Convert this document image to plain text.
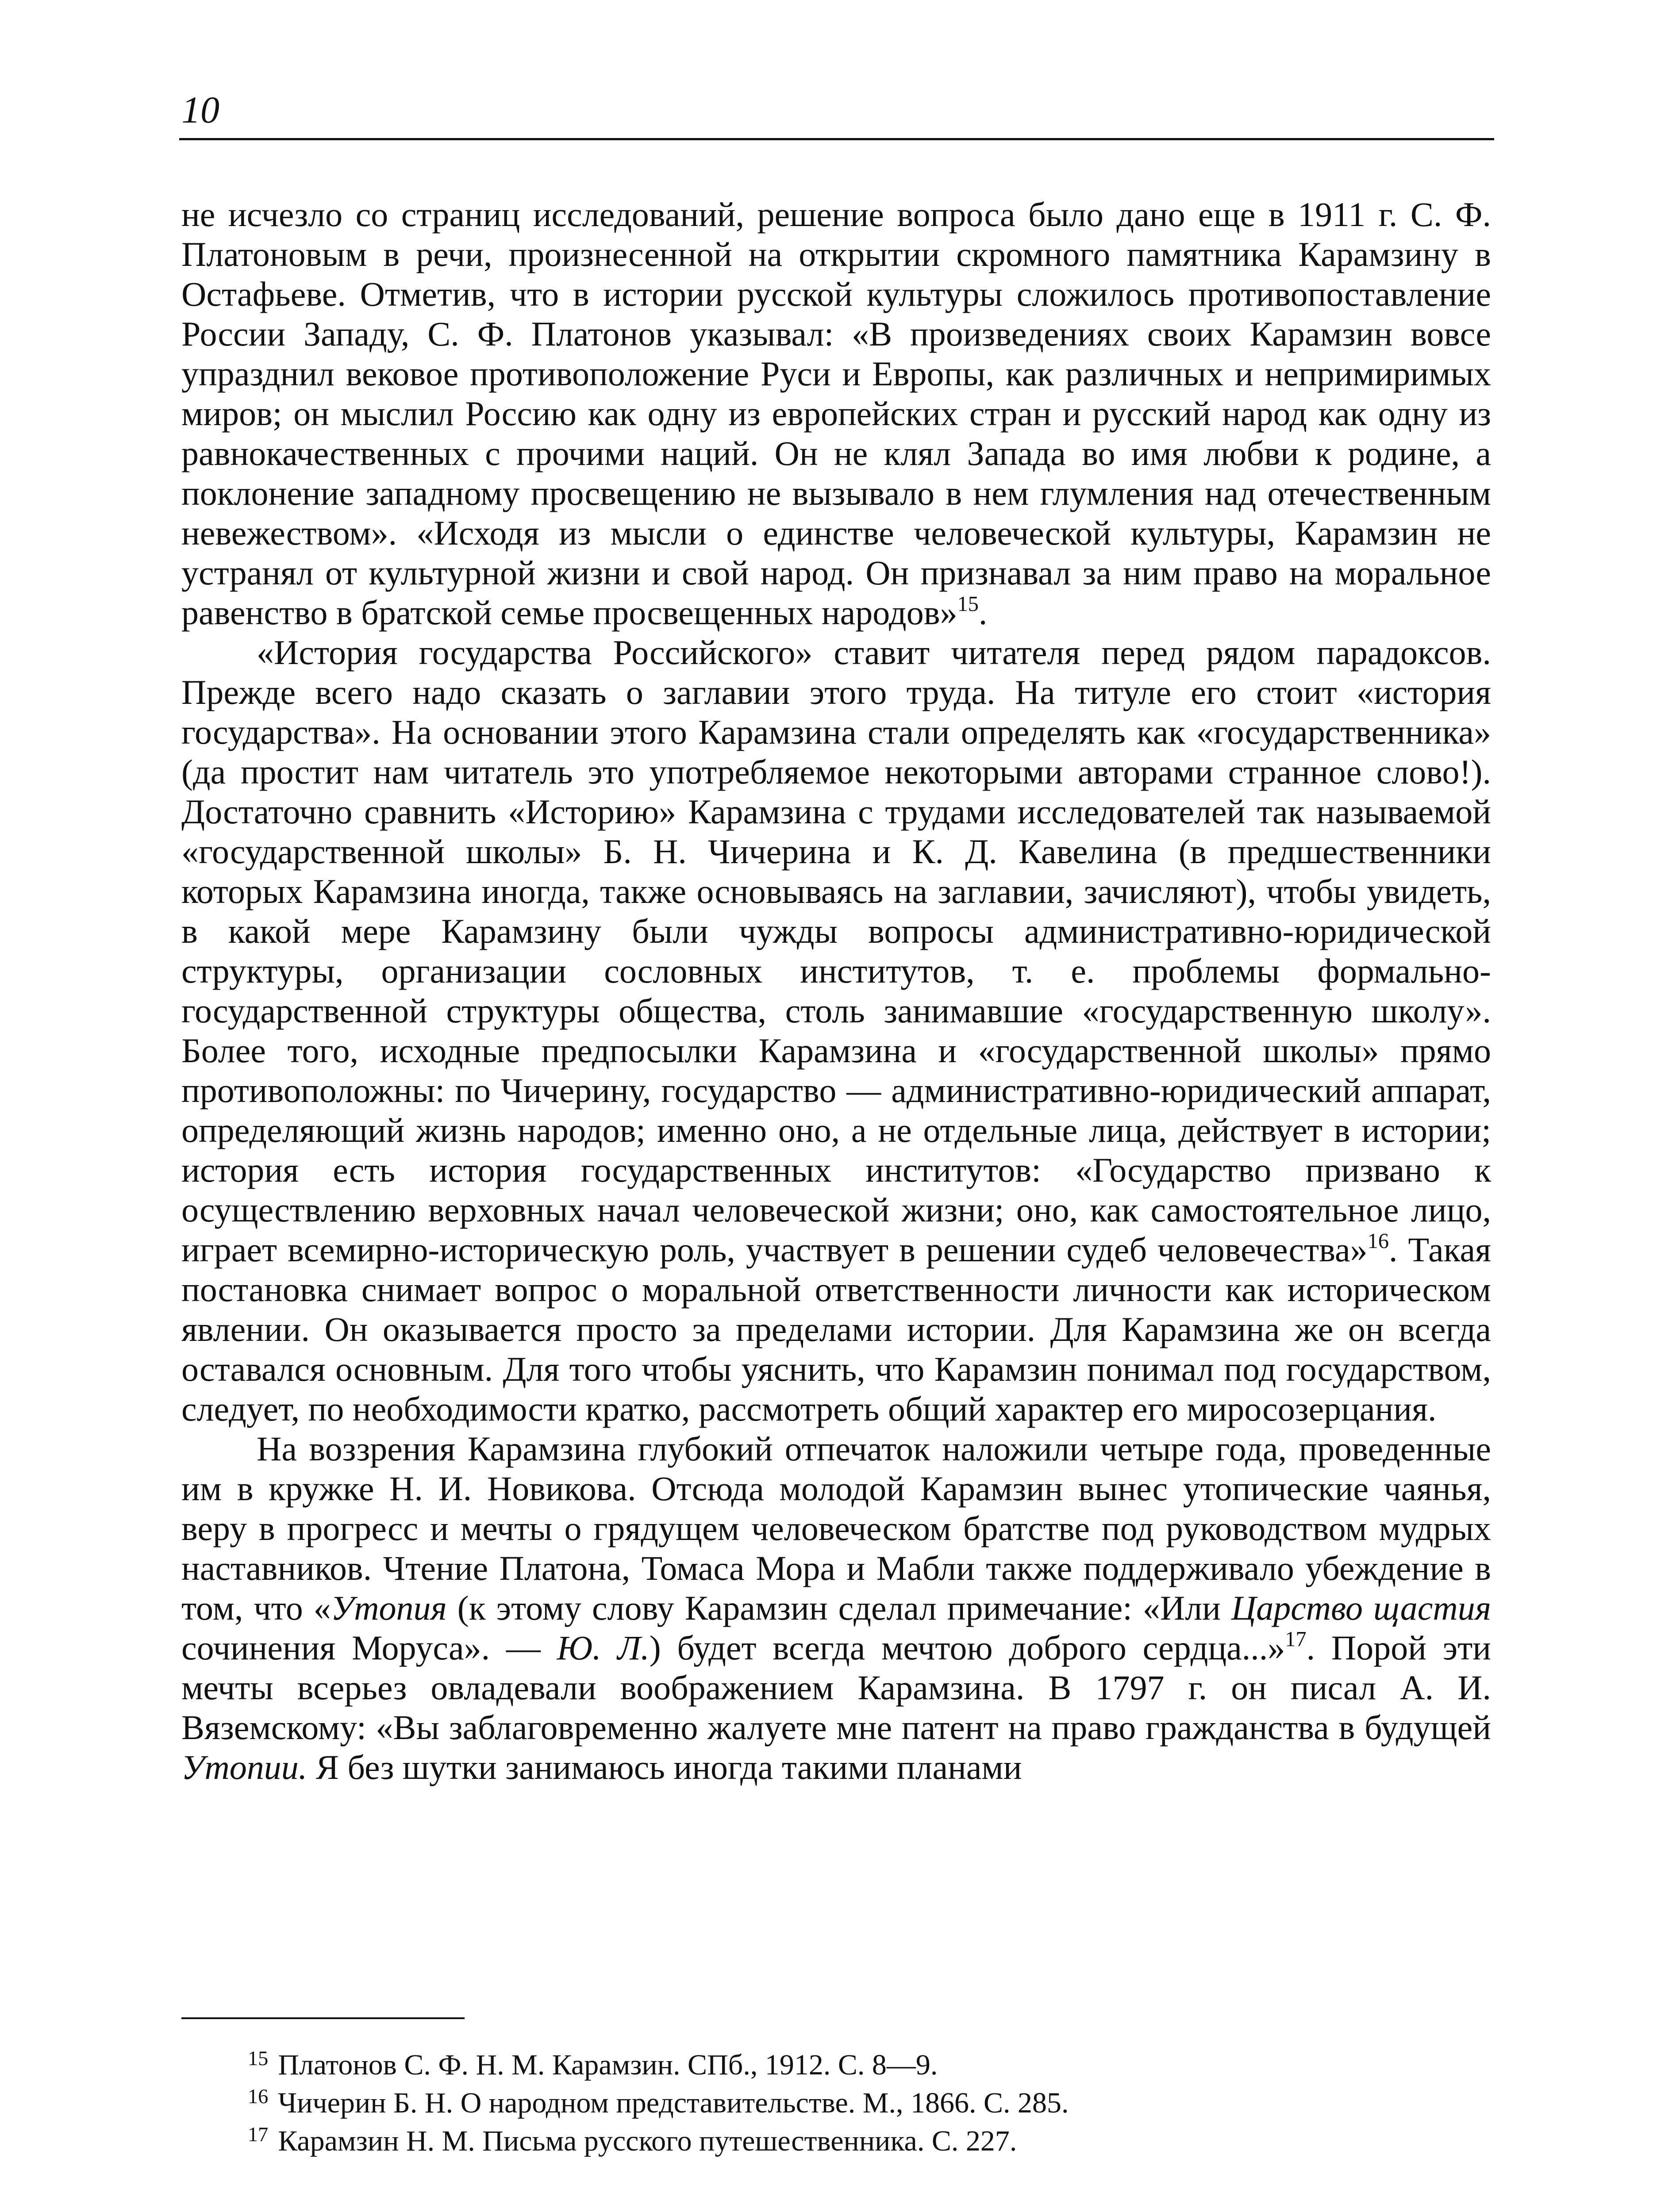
10

не исчезло со страниц исследований, решение вопроса было дано еще в 1911 г. С. Ф. Платоновым в речи, произнесенной на открытии скромного памятника Карамзину в Остафьеве. Отметив, что в истории русской культуры сложилось противопоставление России Западу, С. Ф. Платонов указывал: «В произведениях своих Карамзин вовсе упразднил вековое противоположение Руси и Европы, как различных и непримиримых миров; он мыслил Россию как одну из европейских стран и русский народ как одну из равнокачественных с прочими наций. Он не клял Запада во имя любви к родине, а поклонение западному просвещению не вызывало в нем глумления над отечественным невежеством». «Исходя из мысли о единстве человеческой культуры, Карамзин не устранял от культурной жизни и свой народ. Он признавал за ним право на моральное равенство в братской семье просвещенных народов»$^{15}$.

«История государства Российского» ставит читателя перед рядом парадоксов. Прежде всего надо сказать о заглавии этого труда. На титуле его стоит «история государства». На основании этого Карамзина стали определять как «государственника» (да простит нам читатель это употребляемое некоторыми авторами странное слово!). Достаточно сравнить «Историю» Карамзина с трудами исследователей так называемой «государственной школы» Б. Н. Чичерина и К. Д. Кавелина (в предшественники которых Карамзина иногда, также основываясь на заглавии, зачисляют), чтобы увидеть, в какой мере Карамзину были чужды вопросы административно-юридической структуры, организации сословных институтов, т. е. проблемы формально-государственной структуры общества, столь занимавшие «государственную школу». Более того, исходные предпосылки Карамзина и «государственной школы» прямо противоположны: по Чичерину, государство — административно-юридический аппарат, определяющий жизнь народов; именно оно, а не отдельные лица, действует в истории; история есть история государственных институтов: «Государство призвано к осуществлению верховных начал человеческой жизни; оно, как самостоятельное лицо, играет всемирно-историческую роль, участвует в решении судеб человечества»$^{16}$. Такая постановка снимает вопрос о моральной ответственности личности как историческом явлении. Он оказывается просто за пределами истории. Для Карамзина же он всегда оставался основным. Для того чтобы уяснить, что Карамзин понимал под государством, следует, по необходимости кратко, рассмотреть общий характер его миросозерцания.

На воззрения Карамзина глубокий отпечаток наложили четыре года, проведенные им в кружке Н. И. Новикова. Отсюда молодой Карамзин вынес утопические чаянья, веру в прогресс и мечты о грядущем человеческом братстве под руководством мудрых наставников. Чтение Платона, Томаса Мора и Мабли также поддерживало убеждение в том, что «Утопия (к этому слову Карамзин сделал примечание: «Или Царство щастия сочинения Моруса». — Ю. Л.) будет всегда мечтою доброго сердца...»$^{17}$. Порой эти мечты всерьез овладевали воображением Карамзина. В 1797 г. он писал А. И. Вяземскому: «Вы заблаговременно жалуете мне патент на право гражданства в будущей Утопии. Я без шутки занимаюсь иногда такими планами

$^{15}$ Платонов С. Ф. Н. М. Карамзин. СПб., 1912. С. 8—9.

$^{16}$ Чичерин Б. Н. О народном представительстве. М., 1866. С. 285.

$^{17}$ Карамзин Н. М. Письма русского путешественника. С. 227.
